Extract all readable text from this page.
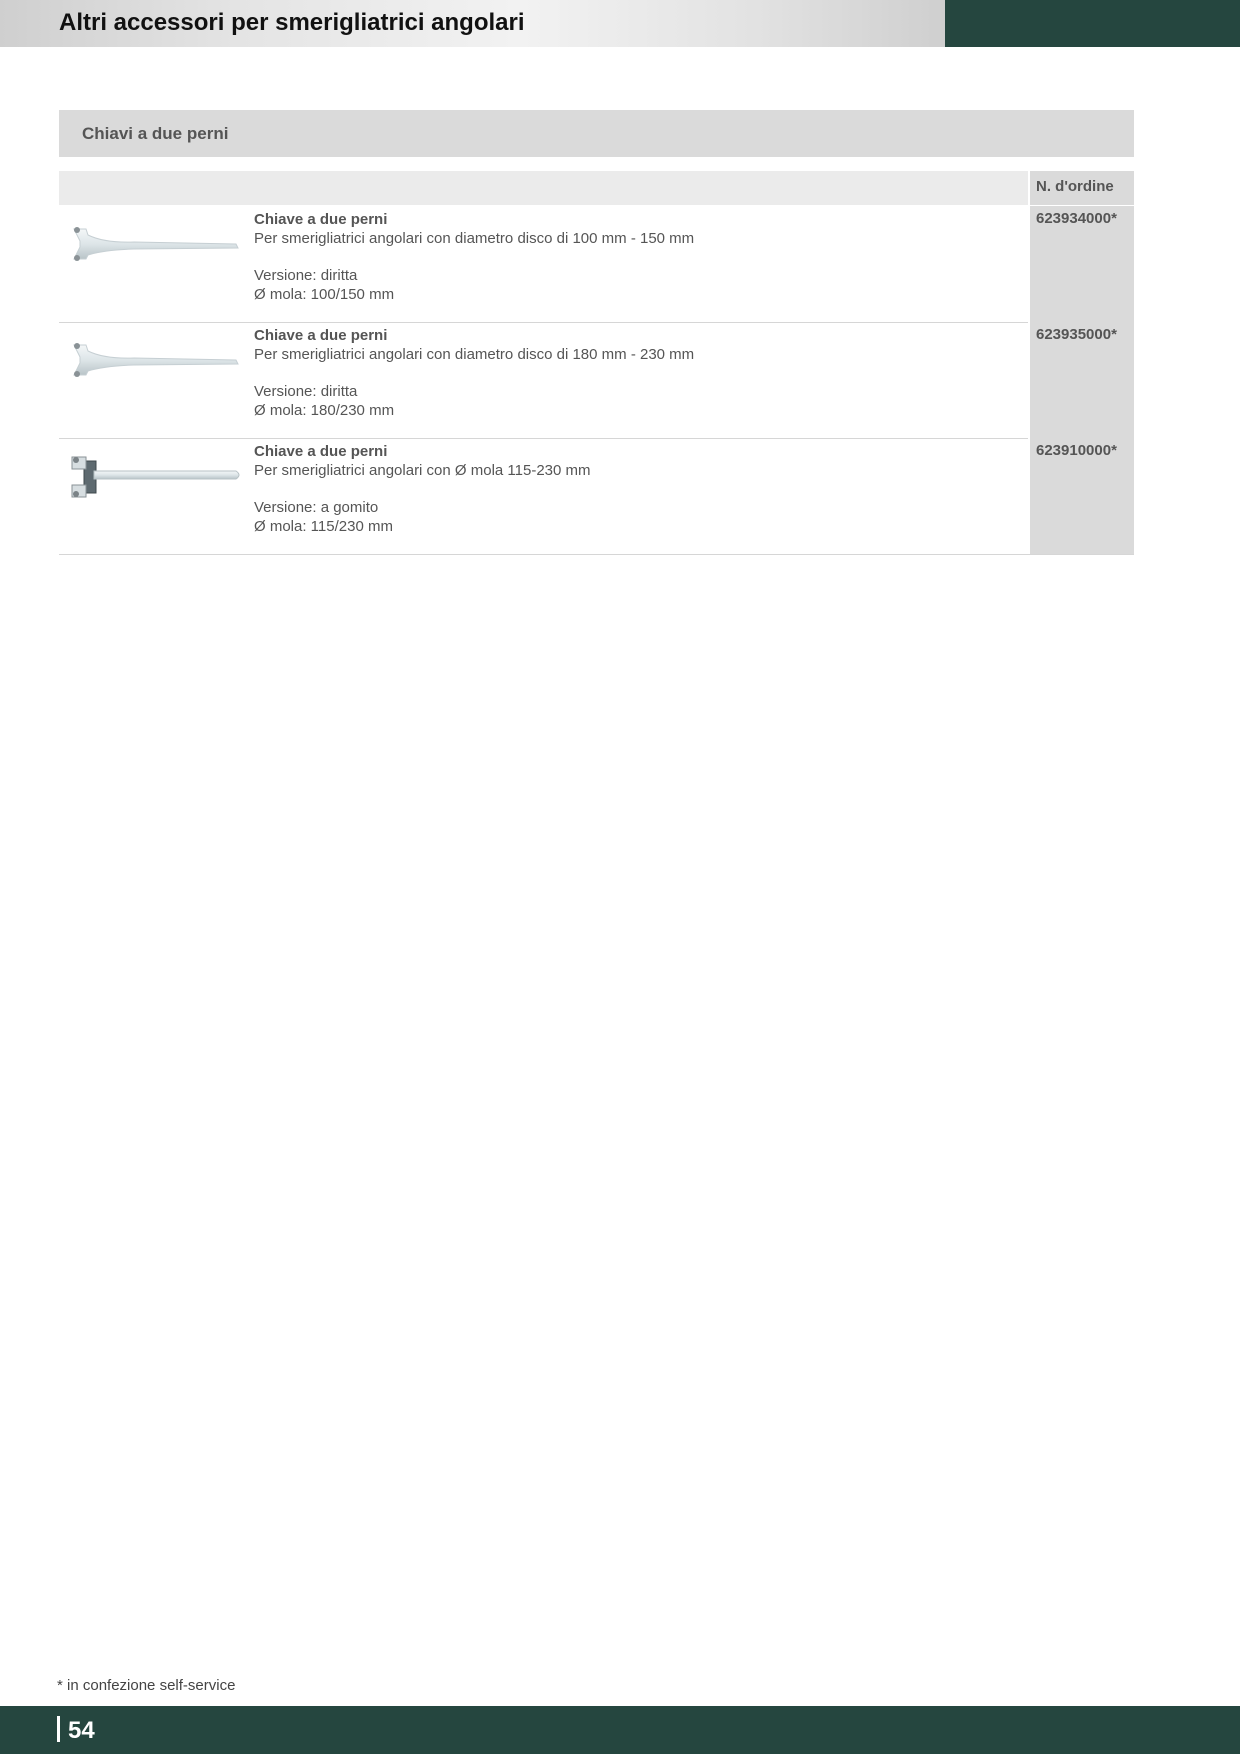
Altri accessori per smerigliatrici angolari
Chiavi a due perni
N. d'ordine
Chiave a due perni
Per smerigliatrici angolari con diametro disco di 100 mm - 150 mm
Versione: diritta
Ø mola: 100/150 mm
623934000*
Chiave a due perni
Per smerigliatrici angolari con diametro disco di 180 mm - 230 mm
Versione: diritta
Ø mola: 180/230 mm
623935000*
Chiave a due perni
Per smerigliatrici angolari con Ø mola 115-230 mm
Versione: a gomito
Ø mola: 115/230 mm
623910000*
* in confezione self-service
54
